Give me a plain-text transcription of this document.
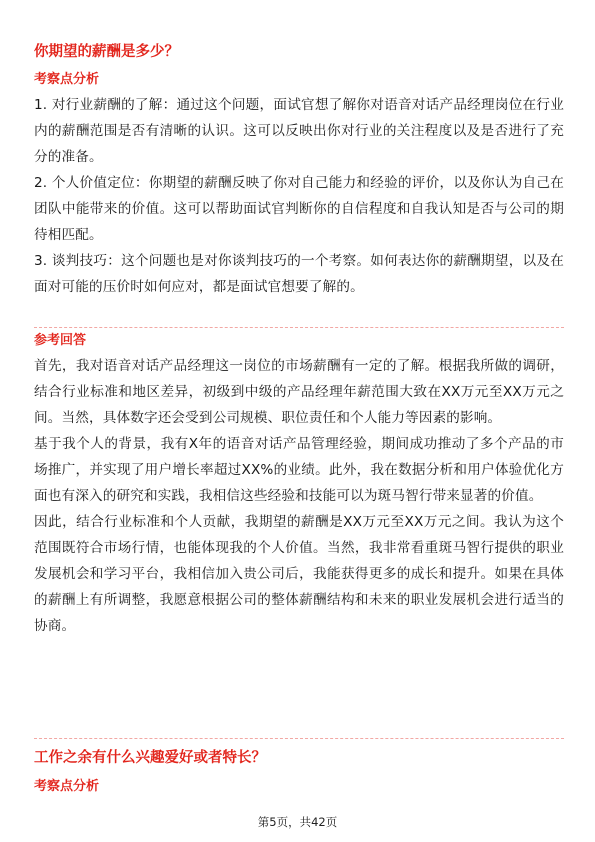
你期望的薪酬是多少？
考察点分析

1. 对行业薪酬的了解：通过这个问题，面试官想了解你对语音对话产品经理岗位在行业内的薪酬范围是否有清晰的认识。这可以反映出你对行业的关注程度以及是否进行了充分的准备。

2. 个人价值定位：你期望的薪酬反映了你对自己能力和经验的评价，以及你认为自己在团队中能带来的价值。这可以帮助面试官判断你的自信程度和自我认知是否与公司的期待相匹配。

3. 谈判技巧：这个问题也是对你谈判技巧的一个考察。如何表达你的薪酬期望，以及在面对可能的压价时如何应对，都是面试官想要了解的。

参考回答

首先，我对语音对话产品经理这一岗位的市场薪酬有一定的了解。根据我所做的调研，结合行业标准和地区差异，初级到中级的产品经理年薪范围大致在XX万元至XX万元之间。当然，具体数字还会受到公司规模、职位责任和个人能力等因素的影响。

基于我个人的背景，我有X年的语音对话产品管理经验，期间成功推动了多个产品的市场推广，并实现了用户增长率超过XX%的业绩。此外，我在数据分析和用户体验优化方面也有深入的研究和实践，我相信这些经验和技能可以为斑马智行带来显著的价值。

因此，结合行业标准和个人贡献，我期望的薪酬是XX万元至XX万元之间。我认为这个范围既符合市场行情，也能体现我的个人价值。当然，我非常看重斑马智行提供的职业发展机会和学习平台，我相信加入贵公司后，我能获得更多的成长和提升。如果在具体的薪酬上有所调整，我愿意根据公司的整体薪酬结构和未来的职业发展机会进行适当的协商。

工作之余有什么兴趣爱好或者特长？
考察点分析
第5页，共42页
